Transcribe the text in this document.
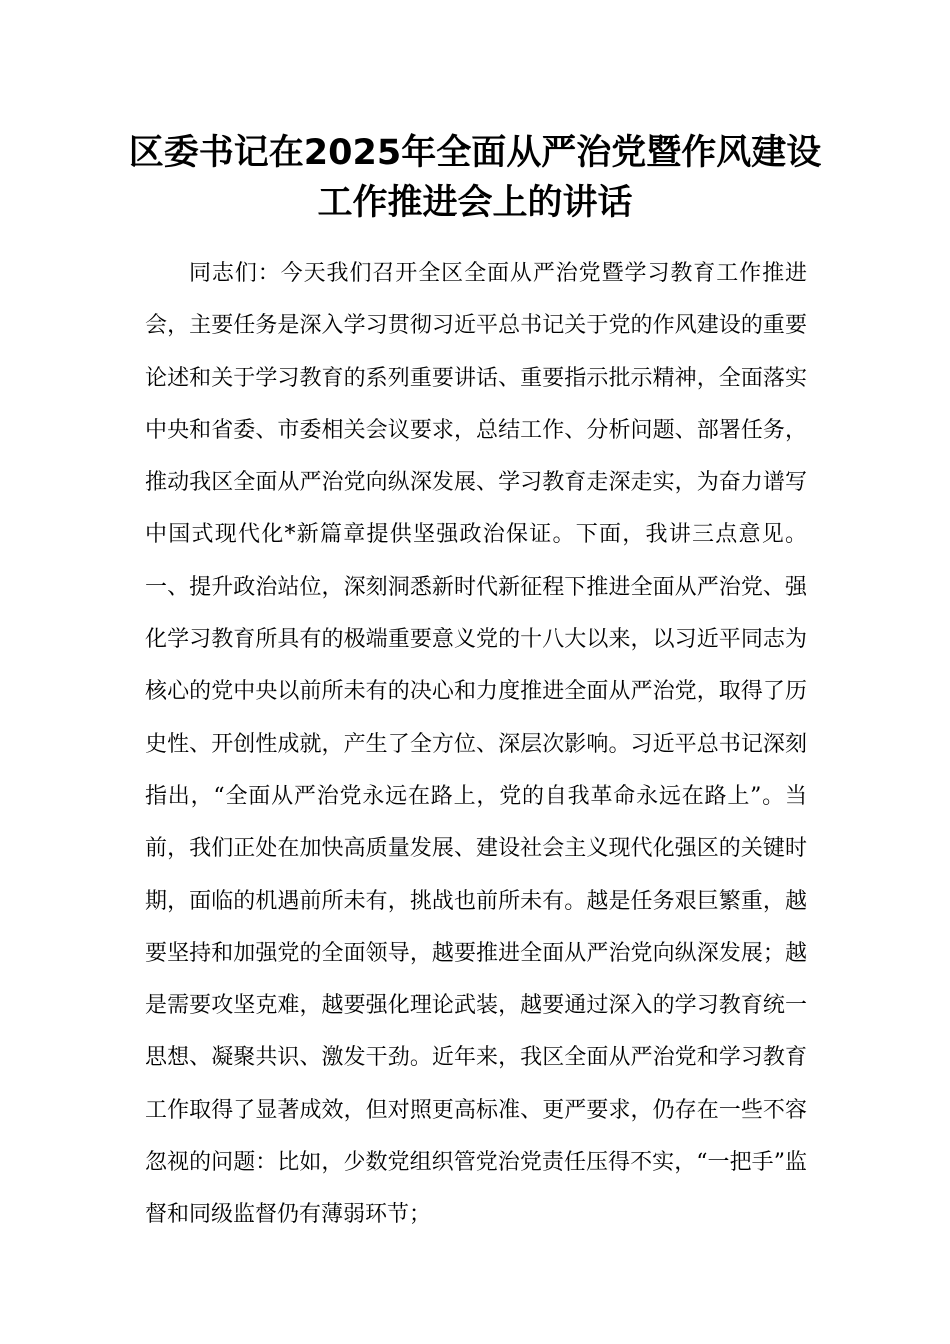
区委书记在2025年全面从严治党暨作风建设工作推进会上的讲话

同志们：今天我们召开全区全面从严治党暨学习教育工作推进会，主要任务是深入学习贯彻习近平总书记关于党的作风建设的重要论述和关于学习教育的系列重要讲话、重要指示批示精神，全面落实中央和省委、市委相关会议要求，总结工作、分析问题、部署任务，推动我区全面从严治党向纵深发展、学习教育走深走实，为奋力谱写中国式现代化*新篇章提供坚强政治保证。下面，我讲三点意见。一、提升政治站位，深刻洞悉新时代新征程下推进全面从严治党、强化学习教育所具有的极端重要意义党的十八大以来，以习近平同志为核心的党中央以前所未有的决心和力度推进全面从严治党，取得了历史性、开创性成就，产生了全方位、深层次影响。习近平总书记深刻指出，“全面从严治党永远在路上，党的自我革命永远在路上”。当前，我们正处在加快高质量发展、建设社会主义现代化强区的关键时期，面临的机遇前所未有，挑战也前所未有。越是任务艰巨繁重，越要坚持和加强党的全面领导，越要推进全面从严治党向纵深发展；越是需要攻坚克难，越要强化理论武装，越要通过深入的学习教育统一思想、凝聚共识、激发干劲。近年来，我区全面从严治党和学习教育工作取得了显著成效，但对照更高标准、更严要求，仍存在一些不容忽视的问题：比如，少数党组织管党治党责任压得不实，“一把手”监督和同级监督仍有薄弱环节；
